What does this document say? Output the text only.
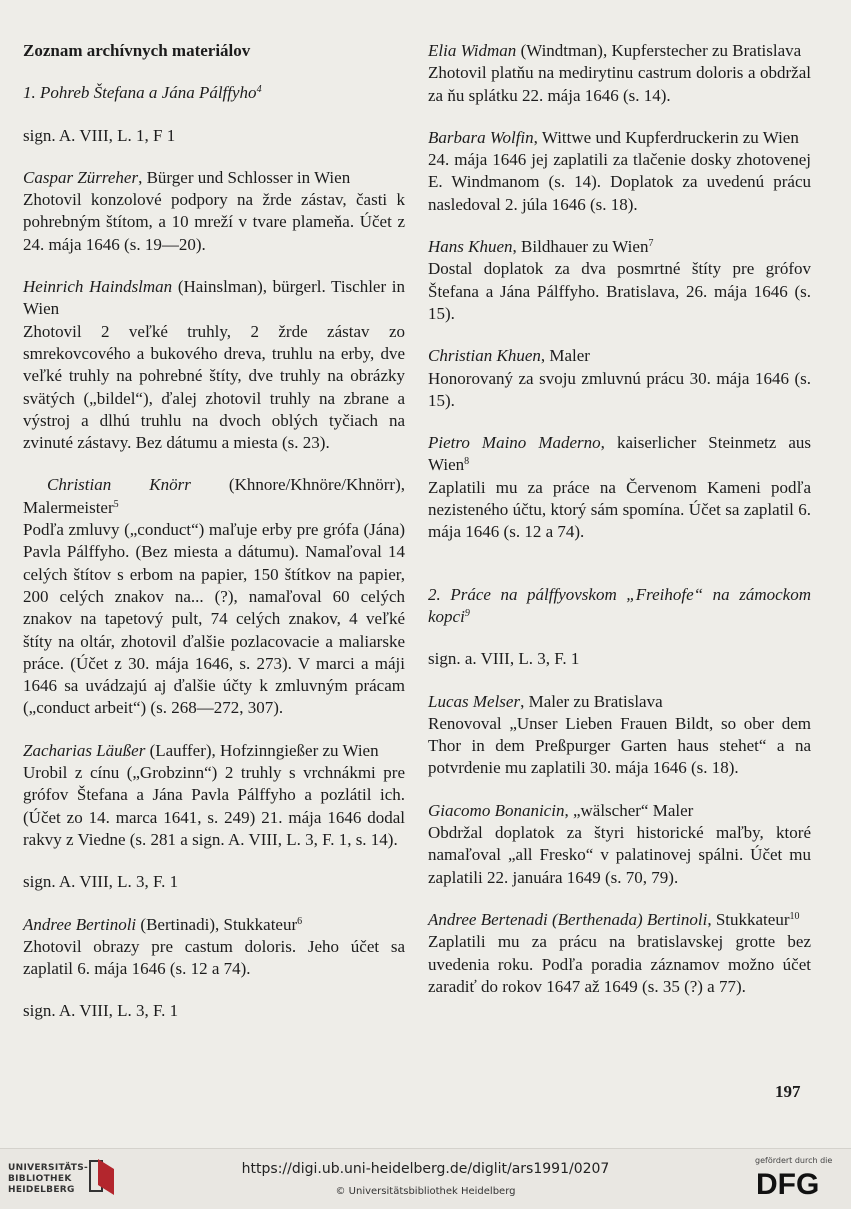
Zoznam archívnych materiálov
1. Pohreb Štefana a Jána Pálffyho$^4$
sign. A. VIII, L. 1, F 1

Caspar Zürreher, Bürger und Schlosser in Wien

Zhotovil konzolové podpory na žrde zástav, časti k pohrebným štítom, a 10 mreží v tvare plameňa. Účet z 24. mája 1646 (s. 19—20).

Heinrich Haindslman (Hainslman), bürgerl. Tischler in Wien

Zhotovil 2 veľké truhly, 2 žrde zástav zo smrekovcového a bukového dreva, truhlu na erby, dve veľké truhly na pohrebné štíty, dve truhly na obrázky svätých („bildel“), ďalej zhotovil truhly na zbrane a výstroj a dlhú truhlu na dvoch oblých tyčiach na zvinuté zástavy. Bez dátumu a miesta (s. 23).

Christian Knörr (Khnore/Khnöre/Khnörr), Malermeister$^5$

Podľa zmluvy („conduct“) maľuje erby pre grófa (Jána) Pavla Pálffyho. (Bez miesta a dátumu). Namaľoval 14 celých štítov s erbom na papier, 150 štítkov na papier, 200 celých znakov na... (?), namaľoval 60 celých znakov na tapetový pult, 74 celých znakov, 4 veľké štíty na oltár, zhotovil ďalšie pozlacovacie a maliarske práce. (Účet z 30. mája 1646, s. 273). V marci a máji 1646 sa uvádzajú aj ďalšie účty k zmluvným prácam („conduct arbeit“) (s. 268—272, 307).

Zacharias Läußer (Lauffer), Hofzinngießer zu Wien

Urobil z cínu („Grobzinn“) 2 truhly s vrchnákmi pre grófov Štefana a Jána Pavla Pálffyho a pozlátil ich. (Účet zo 14. marca 1641, s. 249) 21. mája 1646 dodal rakvy z Viedne (s. 281 a sign. A. VIII, L. 3, F. 1, s. 14).

sign. A. VIII, L. 3, F. 1

Andree Bertinoli (Bertinadi), Stukkateur$^6$

Zhotovil obrazy pre castum doloris. Jeho účet sa zaplatil 6. mája 1646 (s. 12 a 74).

sign. A. VIII, L. 3, F. 1

Elia Widman (Windtman), Kupferstecher zu Bratislava

Zhotovil platňu na medirytinu castrum doloris a obdržal za ňu splátku 22. mája 1646 (s. 14).

Barbara Wolfin, Wittwe und Kupferdruckerin zu Wien

24. mája 1646 jej zaplatili za tlačenie dosky zhotovenej E. Windmanom (s. 14). Doplatok za uvedenú prácu nasledoval 2. júla 1646 (s. 18).

Hans Khuen, Bildhauer zu Wien$^7$

Dostal doplatok za dva posmrtné štíty pre grófov Štefana a Jána Pálffyho. Bratislava, 26. mája 1646 (s. 15).

Christian Khuen, Maler

Honorovaný za svoju zmluvnú prácu 30. mája 1646 (s. 15).

Pietro Maino Maderno, kaiserlicher Steinmetz aus Wien$^8$

Zaplatili mu za práce na Červenom Kameni podľa nezisteného účtu, ktorý sám spomína. Účet sa zaplatil 6. mája 1646 (s. 12 a 74).

2. Práce na pálffyovskom „Freihofe“ na zámockom kopci$^9$
sign. a. VIII, L. 3, F. 1

Lucas Melser, Maler zu Bratislava

Renovoval „Unser Lieben Frauen Bildt, so ober dem Thor in dem Preßpurger Garten haus stehet“ a na potvrdenie mu zaplatili 30. mája 1646 (s. 18).

Giacomo Bonanicin, „wälscher“ Maler

Obdržal doplatok za štyri historické maľby, ktoré namaľoval „all Fresko“ v palatinovej spálni. Účet mu zaplatili 22. januára 1649 (s. 70, 79).

Andree Bertenadi (Berthenada) Bertinoli, Stukkateur$^{10}$

Zaplatili mu za prácu na bratislavskej grotte bez uvedenia roku. Podľa poradia záznamov možno účet zaradiť do rokov 1647 až 1649 (s. 35 (?) a 77).

197
UNIVERSITÄTS-
BIBLIOTHEK
HEIDELBERG
https://digi.ub.uni-heidelberg.de/diglit/ars1991/0207
© Universitätsbibliothek Heidelberg
gefördert durch die
DFG
